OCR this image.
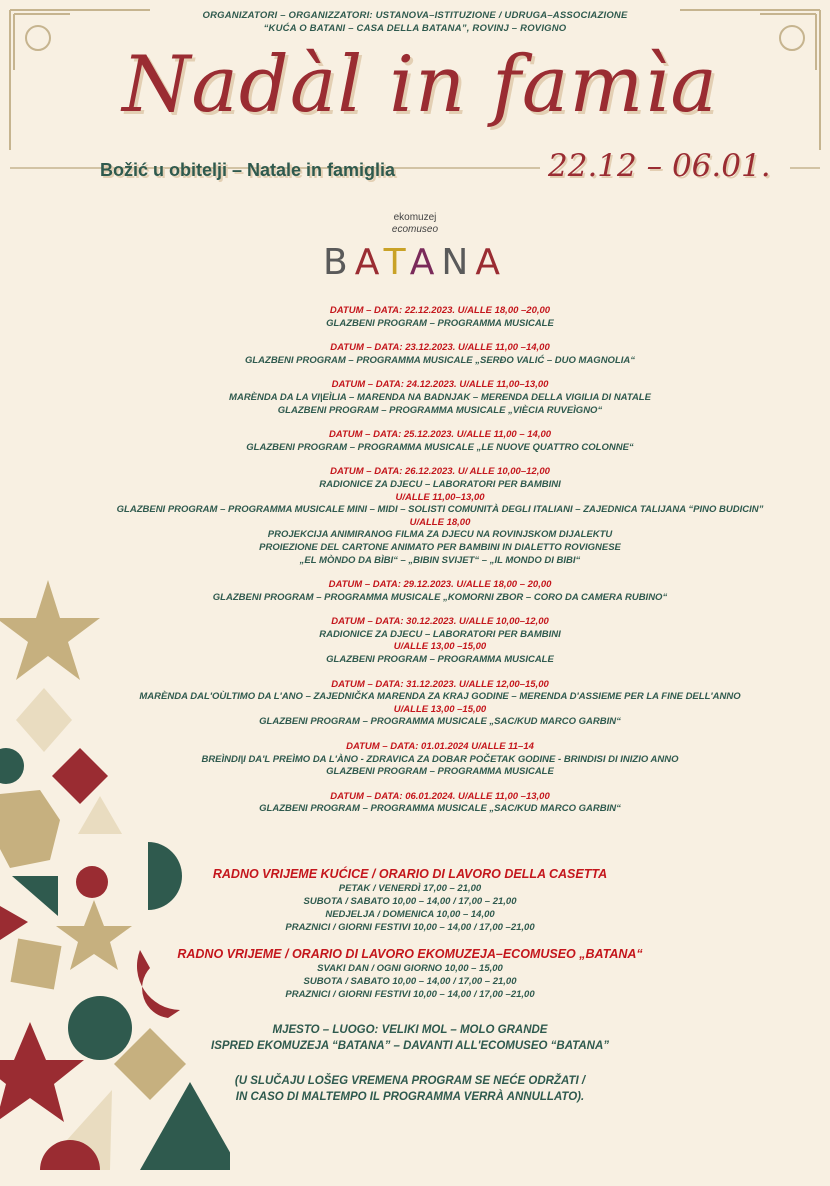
ORGANIZATORI – ORGANIZZATORI: USTANOVA–ISTITUZIONE / UDRUGA–ASSOCIAZIONE
“KUĆA O BATANI – CASA DELLA BATANA”, ROVINJ – ROVIGNO
Nadàl in famìa
Božić u obitelji – Natale in famiglia	22.12 – 06.01.
ekomuzej
ecomuseo
BATANA
DATUM – DATA: 22.12.2023. U/ALLE 18,00 –20,00
GLAZBENI PROGRAM – PROGRAMMA MUSICALE
DATUM – DATA: 23.12.2023. U/ALLE 11,00 –14,00
GLAZBENI PROGRAM – PROGRAMMA MUSICALE „SERĐO VALIĆ – DUO MAGNOLIA“
DATUM – DATA: 24.12.2023. U/ALLE 11,00–13,00
MARÈNDA DA LA VI|EÌLIA – MARENDA NA BADNJAK – MERENDA DELLA VIGILIA DI NATALE
GLAZBENI PROGRAM – PROGRAMMA MUSICALE „VIÈCIA RUVEÌGNO“
DATUM – DATA: 25.12.2023. U/ALLE 11,00 – 14,00
GLAZBENI PROGRAM – PROGRAMMA MUSICALE „LE NUOVE QUATTRO COLONNE“
DATUM – DATA: 26.12.2023. U/ ALLE 10,00–12,00
RADIONICE ZA DJECU – LABORATORI PER BAMBINI
U/ALLE 11,00–13,00
GLAZBENI PROGRAM – PROGRAMMA MUSICALE MINI – MIDI – SOLISTI COMUNITÀ DEGLI ITALIANI – ZAJEDNICA TALIJANA “PINO BUDICIN”
U/ALLE 18,00
PROJEKCIJA ANIMIRANOG FILMA ZA DJECU NA ROVINJSKOM DIJALEKTU
PROIEZIONE DEL CARTONE ANIMATO PER BAMBINI IN DIALETTO ROVIGNESE
„EL MÒNDO DA BÌBI“ – „BIBIN SVIJET“ – „IL MONDO DI BIBI“
DATUM – DATA: 29.12.2023. U/ALLE 18,00 – 20,00
GLAZBENI PROGRAM – PROGRAMMA MUSICALE „KOMORNI ZBOR – CORO DA CAMERA RUBINO“
DATUM – DATA: 30.12.2023. U/ALLE 10,00–12,00
RADIONICE ZA DJECU – LABORATORI PER BAMBINI
U/ALLE 13,00 –15,00
GLAZBENI PROGRAM – PROGRAMMA MUSICALE
DATUM – DATA: 31.12.2023. U/ALLE 12,00–15,00
MARÈNDA DAL'OÙLTIMO DA L'ANO – ZAJEDNIČKA MARENDA ZA KRAJ GODINE – MERENDA D'ASSIEME PER LA FINE DELL'ANNO
U/ALLE 13,00 –15,00
GLAZBENI PROGRAM – PROGRAMMA MUSICALE „SAC/KUD MARCO GARBIN“
DATUM – DATA: 01.01.2024 U/ALLE 11–14
BREÌNDI|I DA'L PREÌMO DA L'ÀNO - ZDRAVICA ZA DOBAR POČETAK GODINE - BRINDISI DI INIZIO ANNO
GLAZBENI PROGRAM – PROGRAMMA MUSICALE
DATUM – DATA: 06.01.2024. U/ALLE 11,00 –13,00
GLAZBENI PROGRAM – PROGRAMMA MUSICALE „SAC/KUD MARCO GARBIN“
RADNO VRIJEME KUĆICE / ORARIO DI LAVORO DELLA CASETTA
PETAK / VENERDÌ 17,00 – 21,00
SUBOTA / SABATO 10,00 – 14,00 / 17,00 – 21,00
NEDJELJA / DOMENICA 10,00 – 14,00
PRAZNICI / GIORNI FESTIVI 10,00 – 14,00 / 17,00 –21,00
RADNO VRIJEME / ORARIO DI LAVORO EKOMUZEJA–ECOMUSEO „BATANA“
SVAKI DAN / OGNI GIORNO 10,00 – 15,00
SUBOTA / SABATO 10,00 – 14,00 / 17,00 – 21,00
PRAZNICI / GIORNI FESTIVI 10,00 – 14,00 / 17,00 –21,00
MJESTO – LUOGO: VELIKI MOL – MOLO GRANDE
ISPRED EKOMUZEJA “BATANA” – DAVANTI ALL'ECOMUSEO “BATANA”
(U SLUČAJU LOŠEG VREMENA PROGRAM SE NEĆE ODRŽATI /
IN CASO DI MALTEMPO IL PROGRAMMA VERRÀ ANNULLATO).
